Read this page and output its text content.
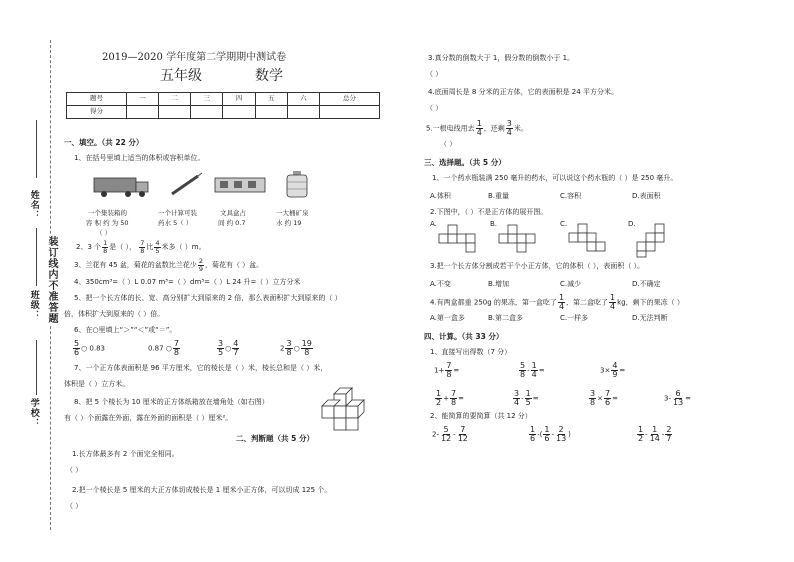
姓名：
班级：
学校：
装订线内不准答题
2019—2020 学年度第二学期期中测试卷
五年级	数学
题号	一	二	三	四	五	六	总分
得分							
一、填空。（共 22 分）
1、在括号里填上适当的体积或容积单位。
一个集装箱的
容 积 约 为 50
（ ）
一个计算可装
药水 5（ ）
文具盒占
间 约 0.7
一大桶矿泉
水 约 19
2、3 个 $\frac{1}{8}$ 是（ ）， $\frac{7}{8}$ 比 $\frac{4}{5}$ 米多（ ）m。
3、兰花有 45 盆，菊花的盆数比兰花少 $\frac{2}{9}$ ，菊花有（ ）盆。
4、350cm³=（ ）L 0.07 m³=（ ）dm³=（ ）L 24 升=（ ）立方分米
5、把一个长方体的长、宽、高分别扩大到原来的 2 倍，那么表面积扩大到原来的（ ）
倍，体积扩大到原来的（ ）倍。
6、在○里填上“＞”“＜”或“＝”。
$\frac{5}{6}$ ○ 0.83	0.87 ○ $\frac{7}{8}$	$\frac{3}{5}$ ○ $\frac{4}{7}$	$2 \frac{3}{8}$ ○ $\frac{19}{8}$
7、一个正方体表面积是 96 平方厘米，它的棱长是（ ）米，棱长总和是（ ）米，
体积是（ ）立方米。
8、把 5 个棱长为 10 厘米的正方体纸箱放在墙角处（如右图）
有（ ）个面露在外面，露在外面的面积是（ ）厘米²。
二、判断题（共 5 分）
1.长方体最多有 2 个面完全相同。
（ ）
2.把一个棱长是 5 厘米的大正方体切成棱长是 1 厘米小正方体，可以切成 125 个。
（ ）
3.真分数的倒数大于 1，假分数的倒数小于 1。
（ ）
4.底面周长是 8 分米的正方体，它的表面积是 24 平方分米。
（ ）
5.一根电线用去 $\frac{1}{4}$ ，还剩 $\frac{3}{4}$ 米。
（ ）
三、选择题。（共 5 分）
1、一个药水瓶装满 250 毫升的药水，可以说这个药水瓶的（ ）是 250 毫升。
A.体积	B.重量	C.容积	D.表面积
2.下图中，（ ）不是正方体的展开图。
A.	B.	C.	D.
3.把一个长方体分割成若干个小正方体，它的体积（ ），表面积（ ）。
A.不变	B.增加	C.减少	D.不确定
4.有两盒都重 250g 的果冻，第一盒吃了 $\frac{1}{4}$ ，第二盒吃了 $\frac{1}{4}$ kg，剩下的果冻（ ）
A.第一盒多	B.第二盒多	C.一样多	D.无法判断
四、计算。（共 33 分）
1、直接写出得数（7 分）
$1+ \frac{7}{8}$ =	$\frac{5}{8} - \frac{1}{4}$ =	$3\times \frac{4}{9}$ =
$\frac{1}{2} + \frac{7}{8}$ =	$\frac{3}{4} - \frac{1}{5}$ =	$\frac{3}{8} \times \frac{7}{6}$ =	$3- \frac{6}{13}$ =
2、能简算的要简算（共 12 分）
$2- \frac{5}{12} - \frac{7}{12}$	$\frac{1}{6}$ -( $\frac{1}{6} - \frac{2}{13}$ )	$\frac{1}{2} - \frac{1}{14} - \frac{2}{7}$
